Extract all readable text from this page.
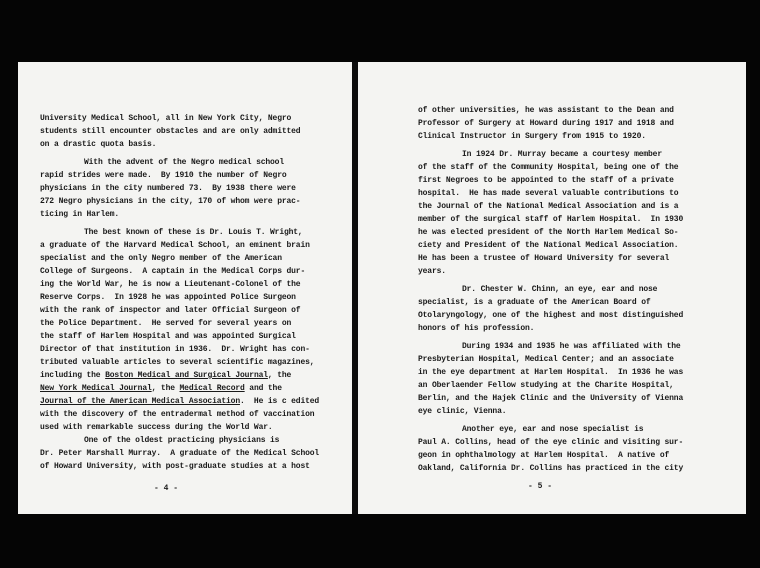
University Medical School, all in New York City, Negro
students still encounter obstacles and are only admitted
on a drastic quota basis.
With the advent of the Negro medical school
rapid strides were made.  By 1910 the number of Negro
physicians in the city numbered 73.  By 1938 there were
272 Negro physicians in the city, 170 of whom were prac-
ticing in Harlem.
The best known of these is Dr. Louis T. Wright,
a graduate of the Harvard Medical School, an eminent brain
specialist and the only Negro member of the American
College of Surgeons.  A captain in the Medical Corps dur-
ing the World War, he is now a Lieutenant-Colonel of the
Reserve Corps.  In 1928 he was appointed Police Surgeon
with the rank of inspector and later Official Surgeon of
the Police Department.  He served for several years on
the staff of Harlem Hospital and was appointed Surgical
Director of that institution in 1936.  Dr. Wright has con-
tributed valuable articles to several scientific magazines,
including the Boston Medical and Surgical Journal, the
New York Medical Journal, the Medical Record and the
Journal of the American Medical Association.  He is c edited
with the discovery of the entradermal method of vaccination
used with remarkable success during the World War.
One of the oldest practicing physicians is
Dr. Peter Marshall Murray.  A graduate of the Medical School
of Howard University, with post-graduate studies at a host
- 4 -
of other universities, he was assistant to the Dean and
Professor of Surgery at Howard during 1917 and 1918 and
Clinical Instructor in Surgery from 1915 to 1920.
In 1924 Dr. Murray became a courtesy member
of the staff of the Community Hospital, being one of the
first Negroes to be appointed to the staff of a private
hospital.  He has made several valuable contributions to
the Journal of the National Medical Association and is a
member of the surgical staff of Harlem Hospital.  In 1930
he was elected president of the North Harlem Medical So-
ciety and President of the National Medical Association.
He has been a trustee of Howard University for several
years.
Dr. Chester W. Chinn, an eye, ear and nose
specialist, is a graduate of the American Board of
Otolaryngology, one of the highest and most distinguished
honors of his profession.
During 1934 and 1935 he was affiliated with the
Presbyterian Hospital, Medical Center; and an associate
in the eye department at Harlem Hospital.  In 1936 he was
an Oberlaender Fellow studying at the Charite Hospital,
Berlin, and the Hajek Clinic and the University of Vienna
eye clinic, Vienna.
Another eye, ear and nose specialist is
Paul A. Collins, head of the eye clinic and visiting sur-
geon in ophthalmology at Harlem Hospital.  A native of
Oakland, California Dr. Collins has practiced in the city
- 5 -
